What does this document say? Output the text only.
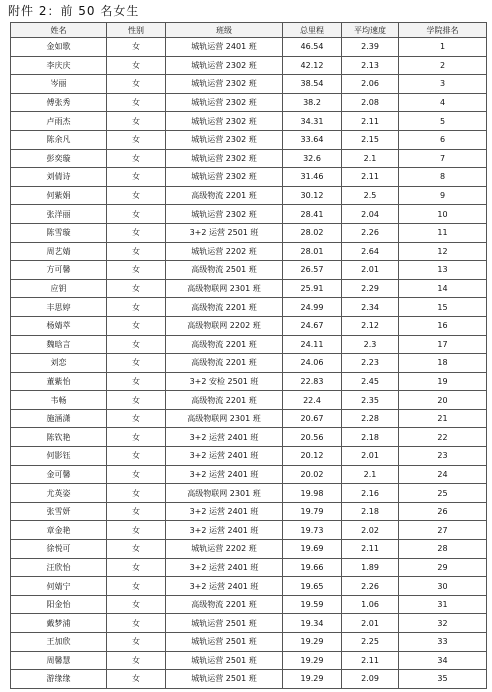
附件 2：前 50 名女生
姓名	性别	班级	总里程	平均速度	学院排名
金如歌	女	城轨运营 2401 班	46.54	2.39	1
李庆庆	女	城轨运营 2302 班	42.12	2.13	2
岑丽	女	城轨运营 2302 班	38.54	2.06	3
傅张秀	女	城轨运营 2302 班	38.2	2.08	4
卢雨杰	女	城轨运营 2302 班	34.31	2.11	5
陈余凡	女	城轨运营 2302 班	33.64	2.15	6
彭奕璇	女	城轨运营 2302 班	32.6	2.1	7
刘倩诗	女	城轨运营 2302 班	31.46	2.11	8
何紫娟	女	高级物流 2201 班	30.12	2.5	9
张洋丽	女	城轨运营 2302 班	28.41	2.04	10
陈雪璇	女	3+2 运营 2501 班	28.02	2.26	11
周艺婧	女	城轨运营 2202 班	28.01	2.64	12
方可馨	女	高级物流 2501 班	26.57	2.01	13
应钥	女	高级物联网 2301 班	25.91	2.29	14
丰思婷	女	高级物流 2201 班	24.99	2.34	15
杨婧萃	女	高级物联网 2202 班	24.67	2.12	16
魏晗言	女	高级物流 2201 班	24.11	2.3	17
刘恋	女	高级物流 2201 班	24.06	2.23	18
董紫怡	女	3+2 安检 2501 班	22.83	2.45	19
韦畅	女	高级物流 2201 班	22.4	2.35	20
施涵潇	女	高级物联网 2301 班	20.67	2.28	21
陈钦艳	女	3+2 运营 2401 班	20.56	2.18	22
何影钰	女	3+2 运营 2401 班	20.12	2.01	23
金可馨	女	3+2 运营 2401 班	20.02	2.1	24
尤英姿	女	高级物联网 2301 班	19.98	2.16	25
张雪妍	女	3+2 运营 2401 班	19.79	2.18	26
章金艳	女	3+2 运营 2401 班	19.73	2.02	27
徐悦可	女	城轨运营 2202 班	19.69	2.11	28
汪欣怡	女	3+2 运营 2401 班	19.66	1.89	29
何婧宁	女	3+2 运营 2401 班	19.65	2.26	30
阳金怡	女	高级物流 2201 班	19.59	1.06	31
戴梦浦	女	城轨运营 2501 班	19.34	2.01	32
王加欣	女	城轨运营 2501 班	19.29	2.25	33
周馨慧	女	城轨运营 2501 班	19.29	2.11	34
游缘缘	女	城轨运营 2501 班	19.29	2.09	35
